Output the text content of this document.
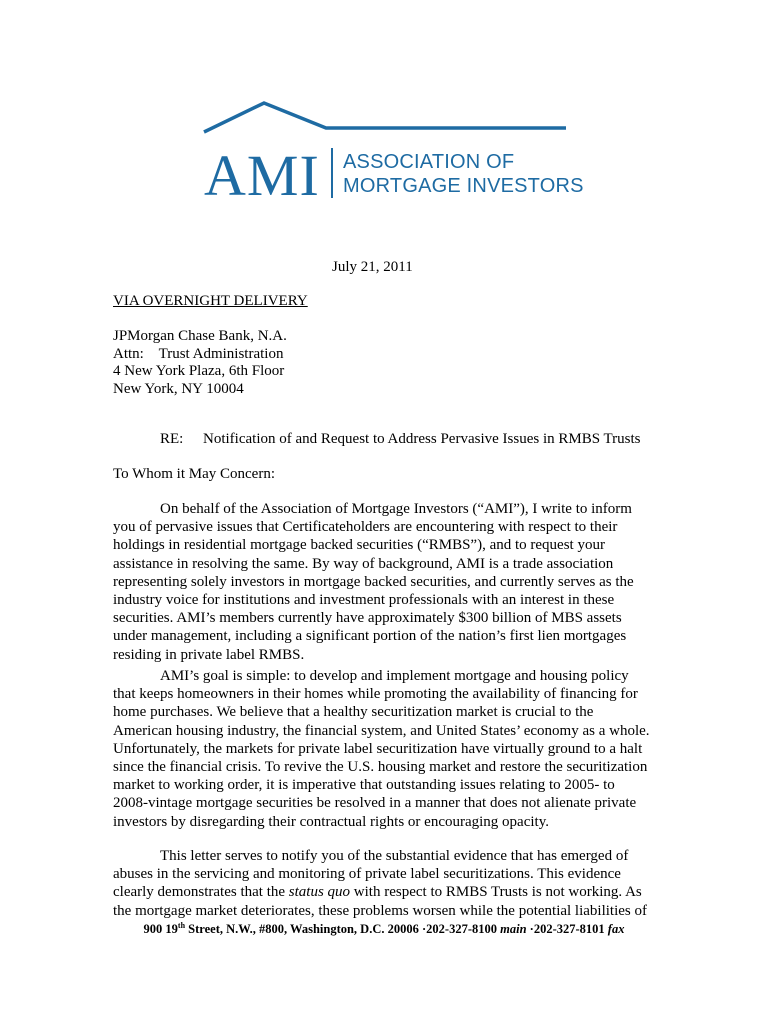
AMI ASSOCIATION OF
MORTGAGE INVESTORS
July 21, 2011
VIA OVERNIGHT DELIVERY
JPMorgan Chase Bank, N.A.
Attn:    Trust Administration
4 New York Plaza, 6th Floor
New York, NY 10004
RE: Notification of and Request to Address Pervasive Issues in RMBS Trusts
To Whom it May Concern:

On behalf of the Association of Mortgage Investors (“AMI”), I write to inform

you of pervasive issues that Certificateholders are encountering with respect to their

holdings in residential mortgage backed securities (“RMBS”), and to request your

assistance in resolving the same. By way of background, AMI is a trade association

representing solely investors in mortgage backed securities, and currently serves as the

industry voice for institutions and investment professionals with an interest in these

securities. AMI’s members currently have approximately $300 billion of MBS assets

under management, including a significant portion of the nation’s first lien mortgages

residing in private label RMBS.

AMI’s goal is simple: to develop and implement mortgage and housing policy

that keeps homeowners in their homes while promoting the availability of financing for

home purchases. We believe that a healthy securitization market is crucial to the

American housing industry, the financial system, and United States’ economy as a whole.

Unfortunately, the markets for private label securitization have virtually ground to a halt

since the financial crisis. To revive the U.S. housing market and restore the securitization

market to working order, it is imperative that outstanding issues relating to 2005- to

2008-vintage mortgage securities be resolved in a manner that does not alienate private

investors by disregarding their contractual rights or encouraging opacity.

This letter serves to notify you of the substantial evidence that has emerged of

abuses in the servicing and monitoring of private label securitizations. This evidence

clearly demonstrates that the status quo with respect to RMBS Trusts is not working. As

the mortgage market deteriorates, these problems worsen while the potential liabilities of

900 19th Street, N.W., #800, Washington, D.C. 20006 ·202-327-8100 main ·202-327-8101 fax
